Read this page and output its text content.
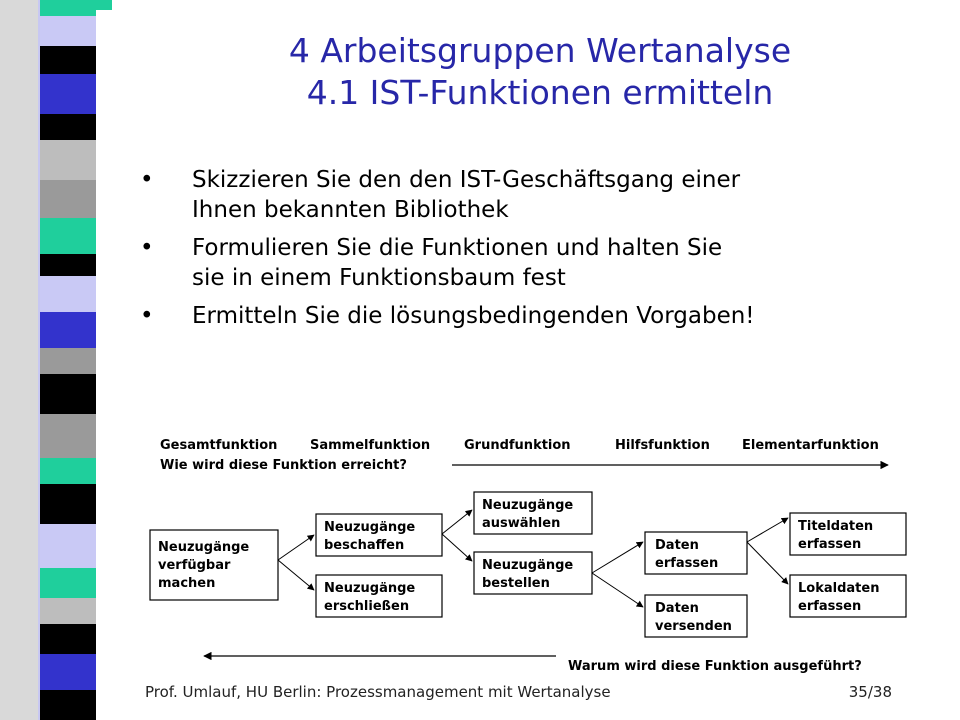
4 Arbeitsgruppen Wertanalyse
4.1 IST-Funktionen ermitteln
• Skizzieren Sie den den IST-Geschäftsgang einer
Ihnen bekannten Bibliothek
• Formulieren Sie die Funktionen und halten Sie
sie in einem Funktionsbaum fest
• Ermitteln Sie die lösungsbedingenden Vorgaben!
Gesamtfunktion	Sammelfunktion	Grundfunktion	Hilfsfunktion Elementarfunktion
Wie wird diese Funktion erreicht?
Neuzugänge
verfügbar
machen
Neuzugänge
beschaffen
Neuzugänge
erschließen
Neuzugänge
auswählen
Neuzugänge
bestellen
Daten
erfassen
Daten
versenden
Titeldaten
erfassen
Lokaldaten
erfassen
Warum wird diese Funktion ausgeführt?
Prof. Umlauf, HU Berlin: Prozessmanagement mit Wertanalyse	35/38
